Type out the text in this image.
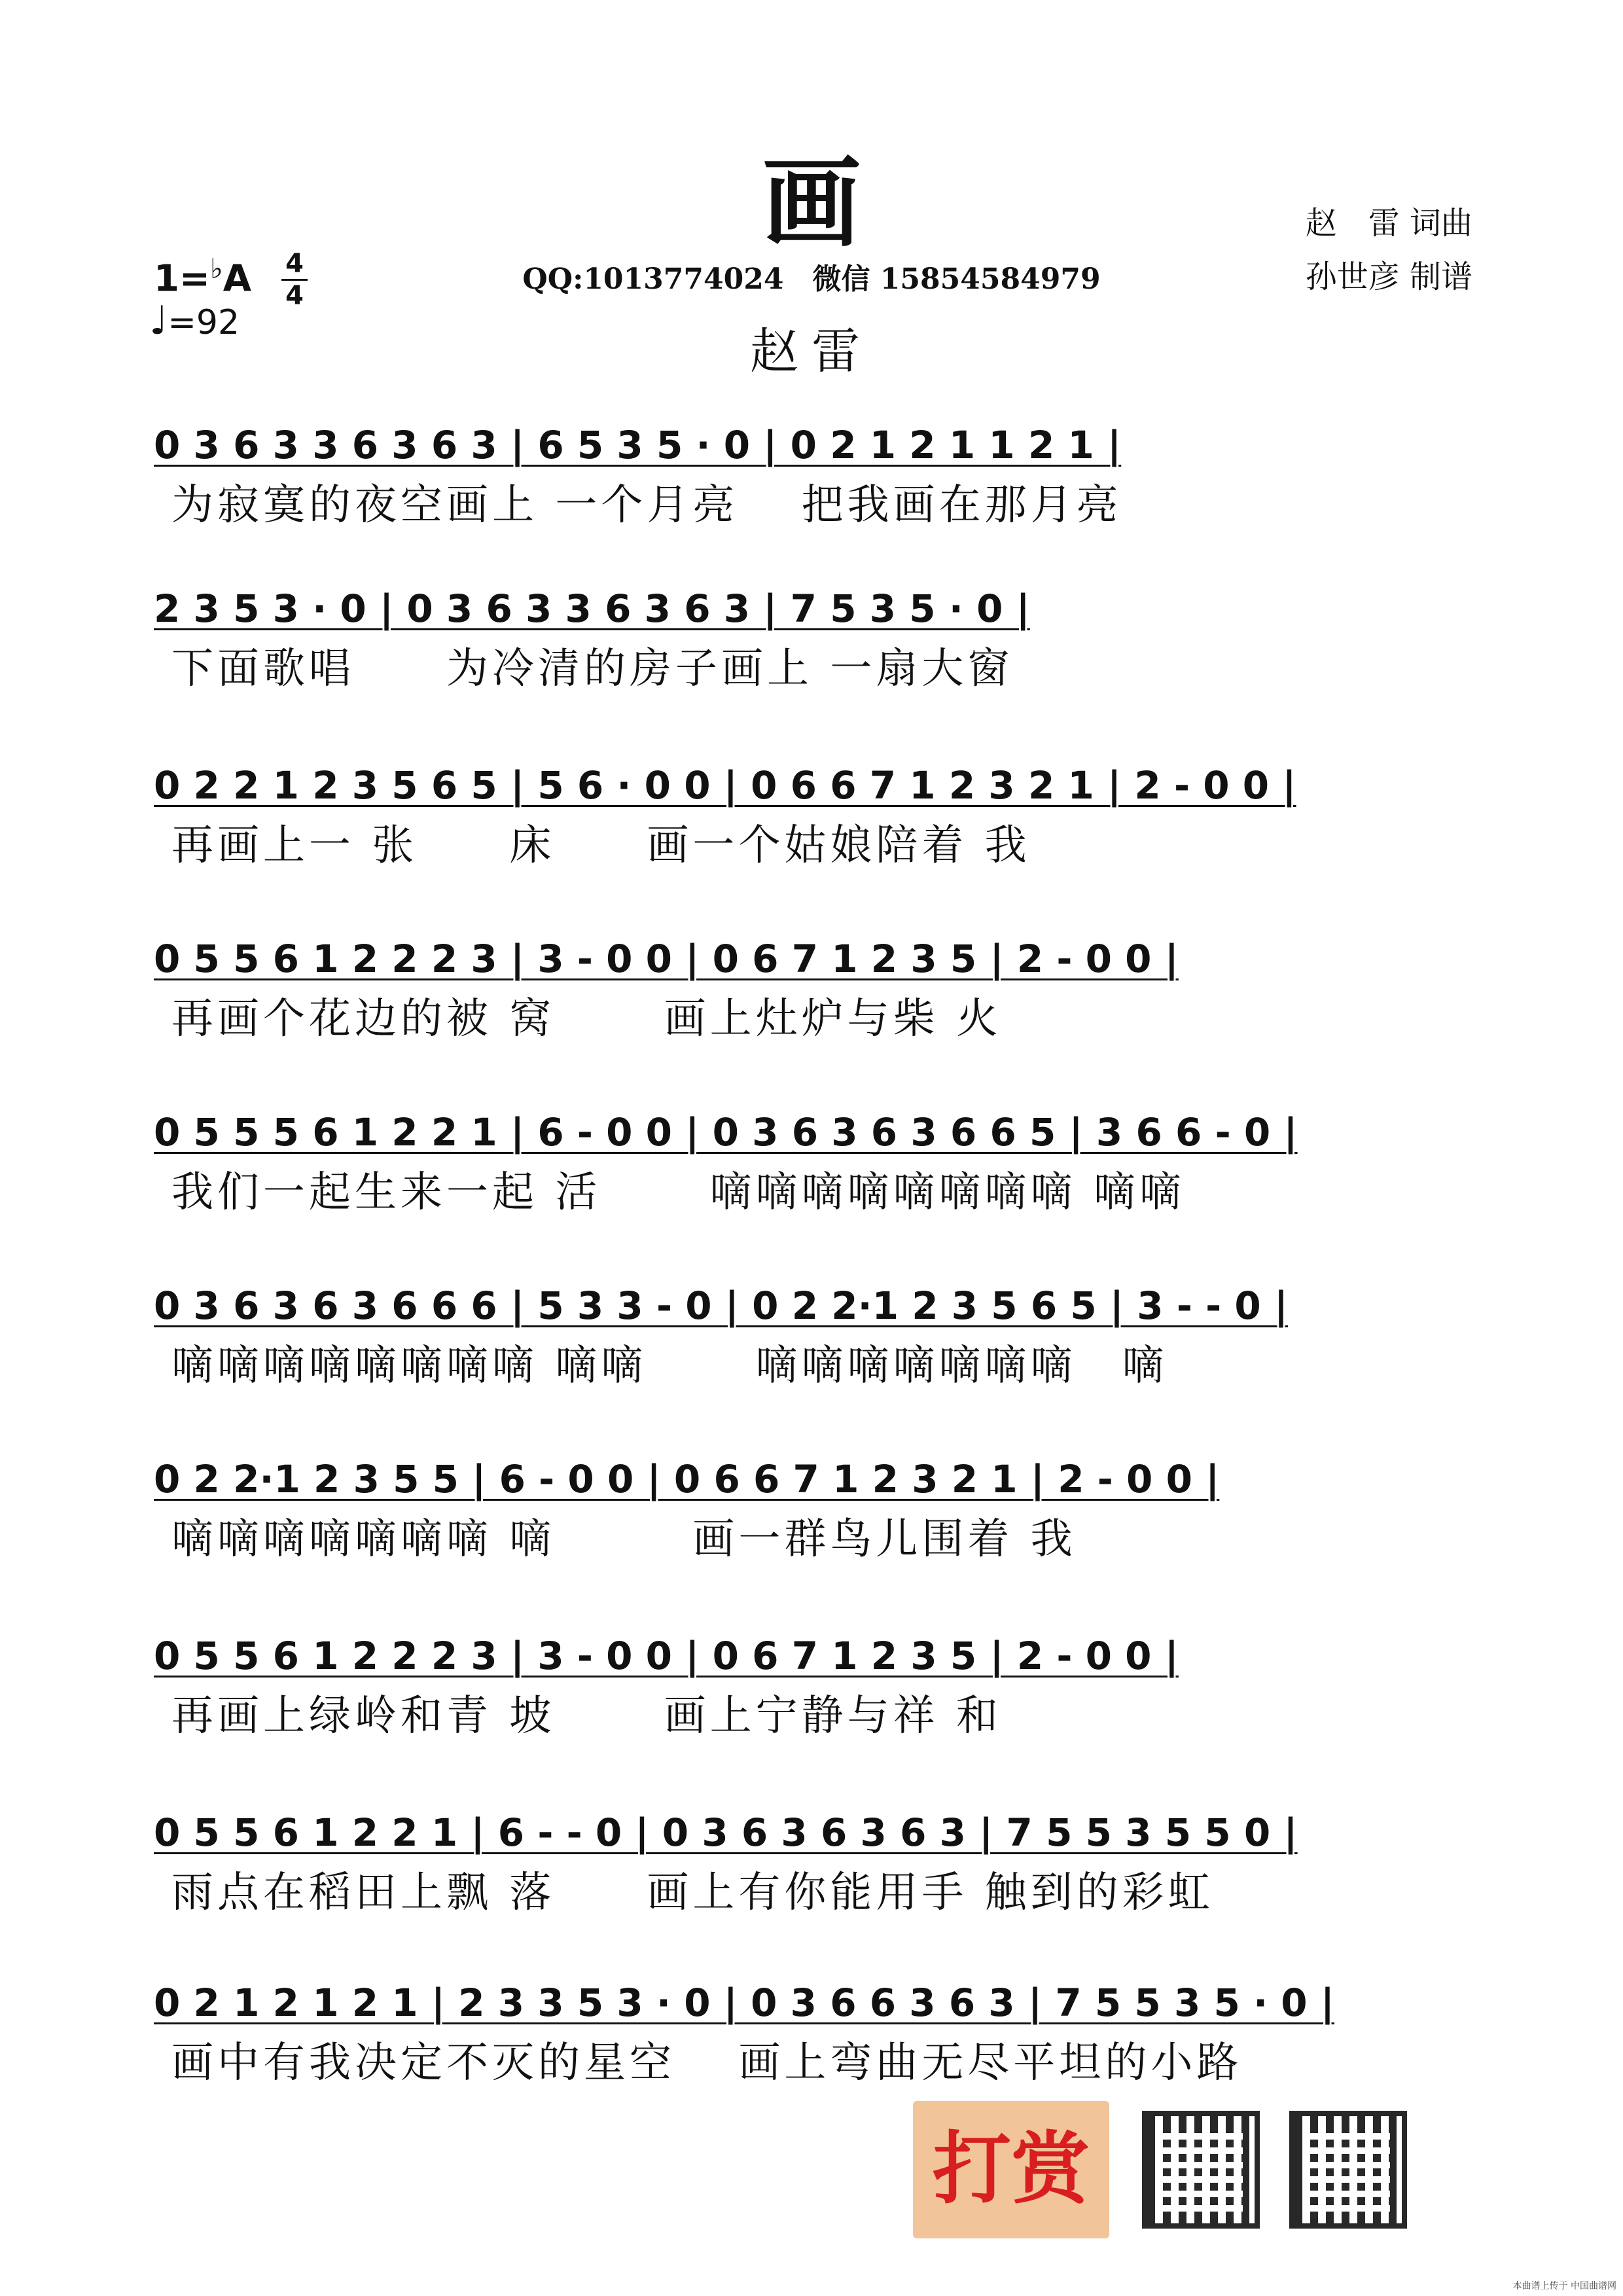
画	赵　雷 词曲
孙世彦 制谱
$1=^♭A \frac{4}{4}$
♩=92
QQ:1013774024　微信 15854584979
赵雷
0 3 6 3 3 6 3 6 3 | 6 5 3 5 · 0 | 0 2 1 2 1 1 2 1 |
为寂寞的夜空画上 一个月亮　 把我画在那月亮
2 3 5 3 · 0 | 0 3 6 3 3 6 3 6 3 | 7 5 3 5 · 0 |
下面歌唱　　为冷清的房子画上 一扇大窗
0 2 2 1 2 3 5 6 5 | 5 6 · 0 0 | 0 6 6 7 1 2 3 2 1 | 2 - 0 0 |
再画上一 张　　床　　画一个姑娘陪着 我
0 5 5 6 1 2 2 2 3 | 3 - 0 0 | 0 6 7 1 2 3 5 | 2 - 0 0 |
再画个花边的被 窝　　 画上灶炉与柴 火
0 5 5 5 6 1 2 2 1 | 6 - 0 0 | 0 3 6 3 6 3 6 6 5 | 3 6 6 - 0 |
我们一起生来一起 活　　 嘀嘀嘀嘀嘀嘀嘀嘀 嘀嘀
0 3 6 3 6 3 6 6 6 | 5 3 3 - 0 | 0 2 2·1 2 3 5 6 5 | 3 - - 0 |
嘀嘀嘀嘀嘀嘀嘀嘀 嘀嘀　　 嘀嘀嘀嘀嘀嘀嘀　嘀
0 2 2·1 2 3 5 5 | 6 - 0 0 | 0 6 6 7 1 2 3 2 1 | 2 - 0 0 |
嘀嘀嘀嘀嘀嘀嘀 嘀　　　画一群鸟儿围着 我
0 5 5 6 1 2 2 2 3 | 3 - 0 0 | 0 6 7 1 2 3 5 | 2 - 0 0 |
再画上绿岭和青 坡　　 画上宁静与祥 和
0 5 5 6 1 2 2 1 | 6 - - 0 | 0 3 6 3 6 3 6 3 | 7 5 5 3 5 5 0 |
雨点在稻田上飘 落　　画上有你能用手 触到的彩虹
0 2 1 2 1 2 1 | 2 3 3 5 3 · 0 | 0 3 6 6 3 6 3 | 7 5 5 3 5 · 0 |
画中有我决定不灭的星空　 画上弯曲无尽平坦的小路
打赏
本曲谱上传于 中国曲谱网
